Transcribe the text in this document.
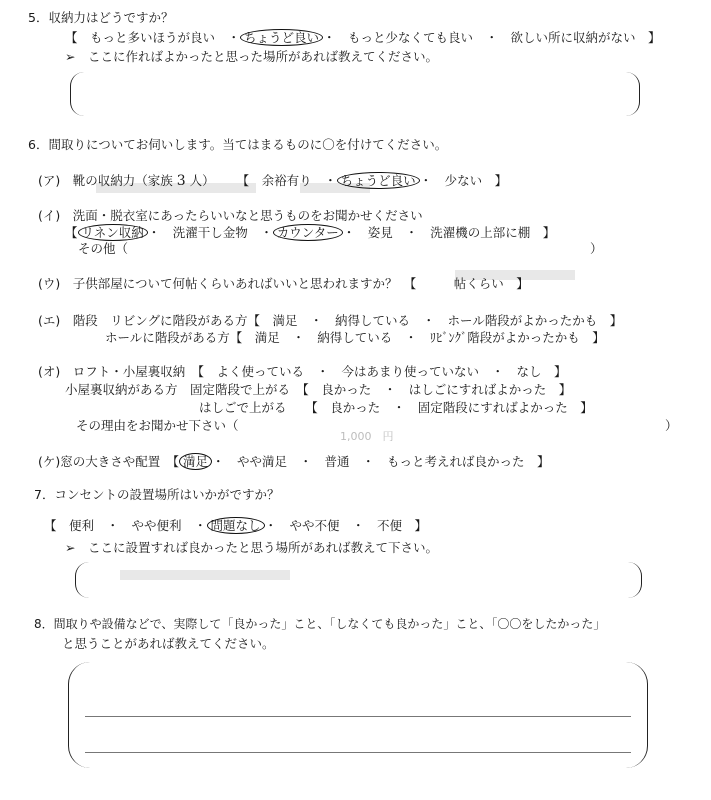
1,000　 円
5．収納力はどうですか？
【　もっと多いほうが良い　・ ちょうど良い ・　もっと少なくても良い　・　欲しい所に収納がない　】
➢　ここに作ればよかったと思った場所があれば教えてください。
6．間取りについてお伺いします。当てはまるものに〇を付けてください。
(ア)　靴の収納力（家族 3 人） 【　余裕有り　・ ちょうど良い ・　少ない　】
(イ)　洗面・脱衣室にあったらいいなと思うものをお聞かせください
【 リネン収納 ・　洗濯干し金物　・ カウンター ・　姿見　・　洗濯機の上部に棚　】
その他（	）
(ウ)　子供部屋について何帖くらいあればいいと思われますか？　【　　　帖くらい　】
(エ)　階段　リビングに階段がある方【　満足　・　納得している　・　ホール階段がよかったかも　】
ホールに階段がある方【　満足　・　納得している　・　ﾘﾋﾞﾝｸﾞ階段がよかったかも　】
(オ)　ロフト・小屋裏収納　【　よく使っている　・　今はあまり使っていない　・　なし　】
小屋裏収納がある方　固定階段で上がる　【　良かった　・　はしごにすればよかった　】
はしごで上がる　　【　良かった　・　固定階段にすればよかった　】
その理由をお聞かせ下さい（	）
(ケ)窓の大きさや配置　【 満足 ・　やや満足　・　普通　・　もっと考えれば良かった　】
7．コンセントの設置場所はいかがですか？
【　便利　・　やや便利　・ 問題なし ・　やや不便　・　不便　】
➢　ここに設置すれば良かったと思う場所があれば教えて下さい。
8．間取りや設備などで、実際して「良かった」こと、「しなくても良かった」こと、「〇〇をしたかった」
と思うことがあれば教えてください。
